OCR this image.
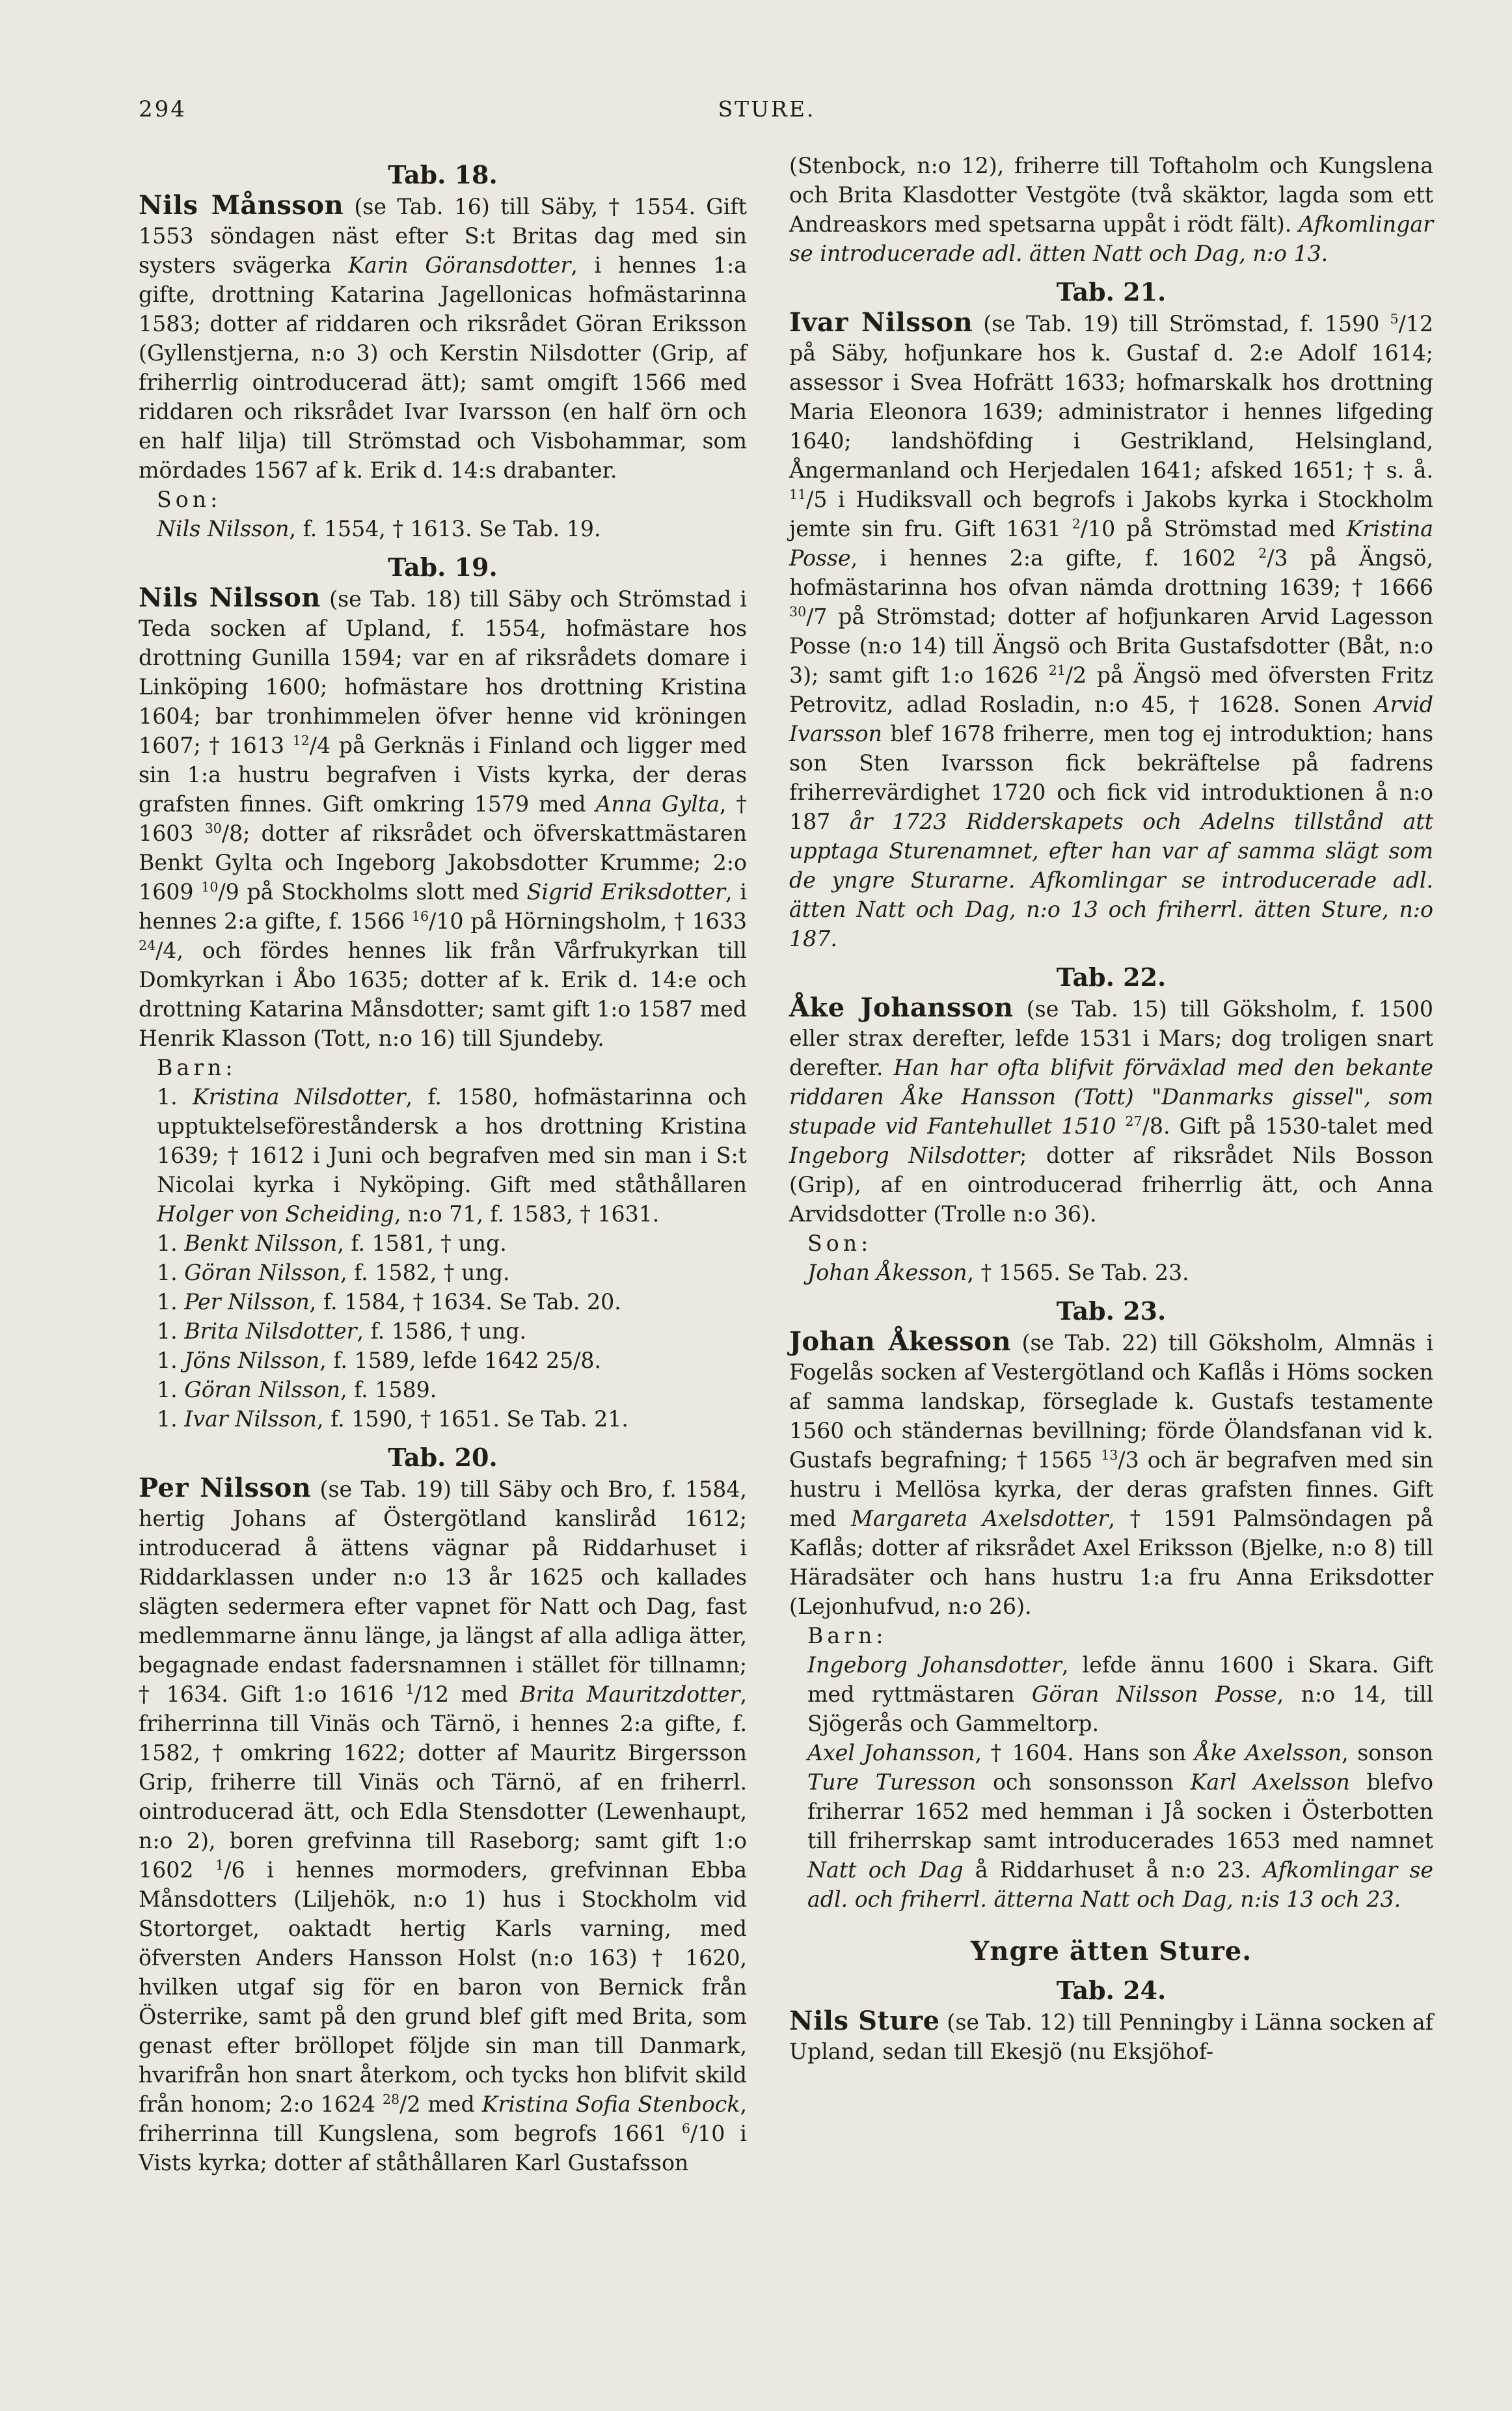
294	STURE.
Tab. 18.

Nils Månsson (se Tab. 16) till Säby, † 1554. Gift 1553 söndagen näst efter S:t Britas dag med sin systers svägerka Karin Göransdotter, i hennes 1:a gifte, drottning Katarina Jagellonicas hofmästarinna 1583; dotter af riddaren och riksrådet Göran Eriksson (Gyllenstjerna, n:o 3) och Kerstin Nilsdotter (Grip, af friherrlig ointroducerad ätt); samt omgift 1566 med riddaren och riksrådet Ivar Ivarsson (en half örn och en half lilja) till Strömstad och Visbohammar, som mördades 1567 af k. Erik d. 14:s drabanter.

Son:

Nils Nilsson, f. 1554, † 1613. Se Tab. 19.

Tab. 19.

Nils Nilsson (se Tab. 18) till Säby och Strömstad i Teda socken af Upland, f. 1554, hofmästare hos drottning Gunilla 1594; var en af riksrådets domare i Linköping 1600; hofmästare hos drottning Kristina 1604; bar tronhimmelen öfver henne vid kröningen 1607; † 1613 $^{12}$/4 på Gerknäs i Finland och ligger med sin 1:a hustru begrafven i Vists kyrka, der deras grafsten finnes. Gift omkring 1579 med Anna Gylta, † 1603 $^{30}$/8; dotter af riksrådet och öfverskattmästaren Benkt Gylta och Ingeborg Jakobsdotter Krumme; 2:o 1609 $^{10}$/9 på Stockholms slott med Sigrid Eriksdotter, i hennes 2:a gifte, f. 1566 $^{16}$/10 på Hörningsholm, † 1633 $^{24}$/4, och fördes hennes lik från Vårfrukyrkan till Domkyrkan i Åbo 1635; dotter af k. Erik d. 14:e och drottning Katarina Månsdotter; samt gift 1:o 1587 med Henrik Klasson (Tott, n:o 16) till Sjundeby.

Barn:

1. Kristina Nilsdotter, f. 1580, hofmästarinna och upptuktelseföreståndersk a hos drottning Kristina 1639; † 1612 i Juni och begrafven med sin man i S:t Nicolai kyrka i Nyköping. Gift med ståthållaren Holger von Scheiding, n:o 71, f. 1583, † 1631.

1. Benkt Nilsson, f. 1581, † ung.
1. Göran Nilsson, f. 1582, † ung.
1. Per Nilsson, f. 1584, † 1634. Se Tab. 20.
1. Brita Nilsdotter, f. 1586, † ung.
1. Jöns Nilsson, f. 1589, lefde 1642 25/8.
1. Göran Nilsson, f. 1589.
1. Ivar Nilsson, f. 1590, † 1651. Se Tab. 21.
Tab. 20.

Per Nilsson (se Tab. 19) till Säby och Bro, f. 1584, hertig Johans af Östergötland kansliråd 1612; introducerad å ättens vägnar på Riddarhuset i Riddarklassen under n:o 13 år 1625 och kallades slägten sedermera efter vapnet för Natt och Dag, fast medlemmarne ännu länge, ja längst af alla adliga ätter, begagnade endast fadersnamnen i stället för tillnamn; † 1634. Gift 1:o 1616 $^1$/12 med Brita Mauritzdotter, friherrinna till Vinäs och Tärnö, i hennes 2:a gifte, f. 1582, † omkring 1622; dotter af Mauritz Birgersson Grip, friherre till Vinäs och Tärnö, af en friherrl. ointroducerad ätt, och Edla Stensdotter (Lewenhaupt, n:o 2), boren grefvinna till Raseborg; samt gift 1:o 1602 $^1$/6 i hennes mormoders, grefvinnan Ebba Månsdotters (Liljehök, n:o 1) hus i Stockholm vid Stortorget, oaktadt hertig Karls varning, med öfversten Anders Hansson Holst (n:o 163) † 1620, hvilken utgaf sig för en baron von Bernick från Österrike, samt på den grund blef gift med Brita, som genast efter bröllopet följde sin man till Danmark, hvarifrån hon snart återkom, och tycks hon blifvit skild från honom; 2:o 1624 $^{28}$/2 med Kristina Sofia Stenbock, friherrinna till Kungslena, som begrofs 1661 $^6$/10 i Vists kyrka; dotter af ståthållaren Karl Gustafsson

(Stenbock, n:o 12), friherre till Toftaholm och Kungslena och Brita Klasdotter Vestgöte (två skäktor, lagda som ett Andreaskors med spetsarna uppåt i rödt fält). Afkomlingar se introducerade adl. ätten Natt och Dag, n:o 13.

Tab. 21.

Ivar Nilsson (se Tab. 19) till Strömstad, f. 1590 $^5$/12 på Säby, hofjunkare hos k. Gustaf d. 2:e Adolf 1614; assessor i Svea Hofrätt 1633; hofmarskalk hos drottning Maria Eleonora 1639; administrator i hennes lifgeding 1640; landshöfding i Gestrikland, Helsingland, Ångermanland och Herjedalen 1641; afsked 1651; † s. å. $^{11}$/5 i Hudiksvall och begrofs i Jakobs kyrka i Stockholm jemte sin fru. Gift 1631 $^2$/10 på Strömstad med Kristina Posse, i hennes 2:a gifte, f. 1602 $^2$/3 på Ängsö, hofmästarinna hos ofvan nämda drottning 1639; † 1666 $^{30}$/7 på Strömstad; dotter af hofjunkaren Arvid Lagesson Posse (n:o 14) till Ängsö och Brita Gustafsdotter (Båt, n:o 3); samt gift 1:o 1626 $^{21}$/2 på Ängsö med öfversten Fritz Petrovitz, adlad Rosladin, n:o 45, † 1628. Sonen Arvid Ivarsson blef 1678 friherre, men tog ej introduktion; hans son Sten Ivarsson fick bekräftelse på fadrens friherrevärdighet 1720 och fick vid introduktionen å n:o 187 år 1723 Ridderskapets och Adelns tillstånd att upptaga Sturenamnet, efter han var af samma slägt som de yngre Sturarne. Afkomlingar se introducerade adl. ätten Natt och Dag, n:o 13 och friherrl. ätten Sture, n:o 187.

Tab. 22.

Åke Johansson (se Tab. 15) till Göksholm, f. 1500 eller strax derefter, lefde 1531 i Mars; dog troligen snart derefter. Han har ofta blifvit förväxlad med den bekante riddaren Åke Hansson (Tott) "Danmarks gissel", som stupade vid Fantehullet 1510 $^{27}$/8. Gift på 1530-talet med Ingeborg Nilsdotter; dotter af riksrådet Nils Bosson (Grip), af en ointroducerad friherrlig ätt, och Anna Arvidsdotter (Trolle n:o 36).

Son:

Johan Åkesson, † 1565. Se Tab. 23.

Tab. 23.

Johan Åkesson (se Tab. 22) till Göksholm, Almnäs i Fogelås socken af Vestergötland och Kaflås i Höms socken af samma landskap, förseglade k. Gustafs testamente 1560 och ständernas bevillning; förde Ölandsfanan vid k. Gustafs begrafning; † 1565 $^{13}$/3 och är begrafven med sin hustru i Mellösa kyrka, der deras grafsten finnes. Gift med Margareta Axelsdotter, † 1591 Palmsöndagen på Kaflås; dotter af riksrådet Axel Eriksson (Bjelke, n:o 8) till Häradsäter och hans hustru 1:a fru Anna Eriksdotter (Lejonhufvud, n:o 26).

Barn:

Ingeborg Johansdotter, lefde ännu 1600 i Skara. Gift med ryttmästaren Göran Nilsson Posse, n:o 14, till Sjögerås och Gammeltorp.

Axel Johansson, † 1604. Hans son Åke Axelsson, sonson Ture Turesson och sonsonsson Karl Axelsson blefvo friherrar 1652 med hemman i Jå socken i Österbotten till friherrskap samt introducerades 1653 med namnet Natt och Dag å Riddarhuset å n:o 23. Afkomlingar se adl. och friherrl. ätterna Natt och Dag, n:is 13 och 23.

Yngre ätten Sture.
Tab. 24.

Nils Sture (se Tab. 12) till Penningby i Länna socken af Upland, sedan till Ekesjö (nu Eksjöhof-
